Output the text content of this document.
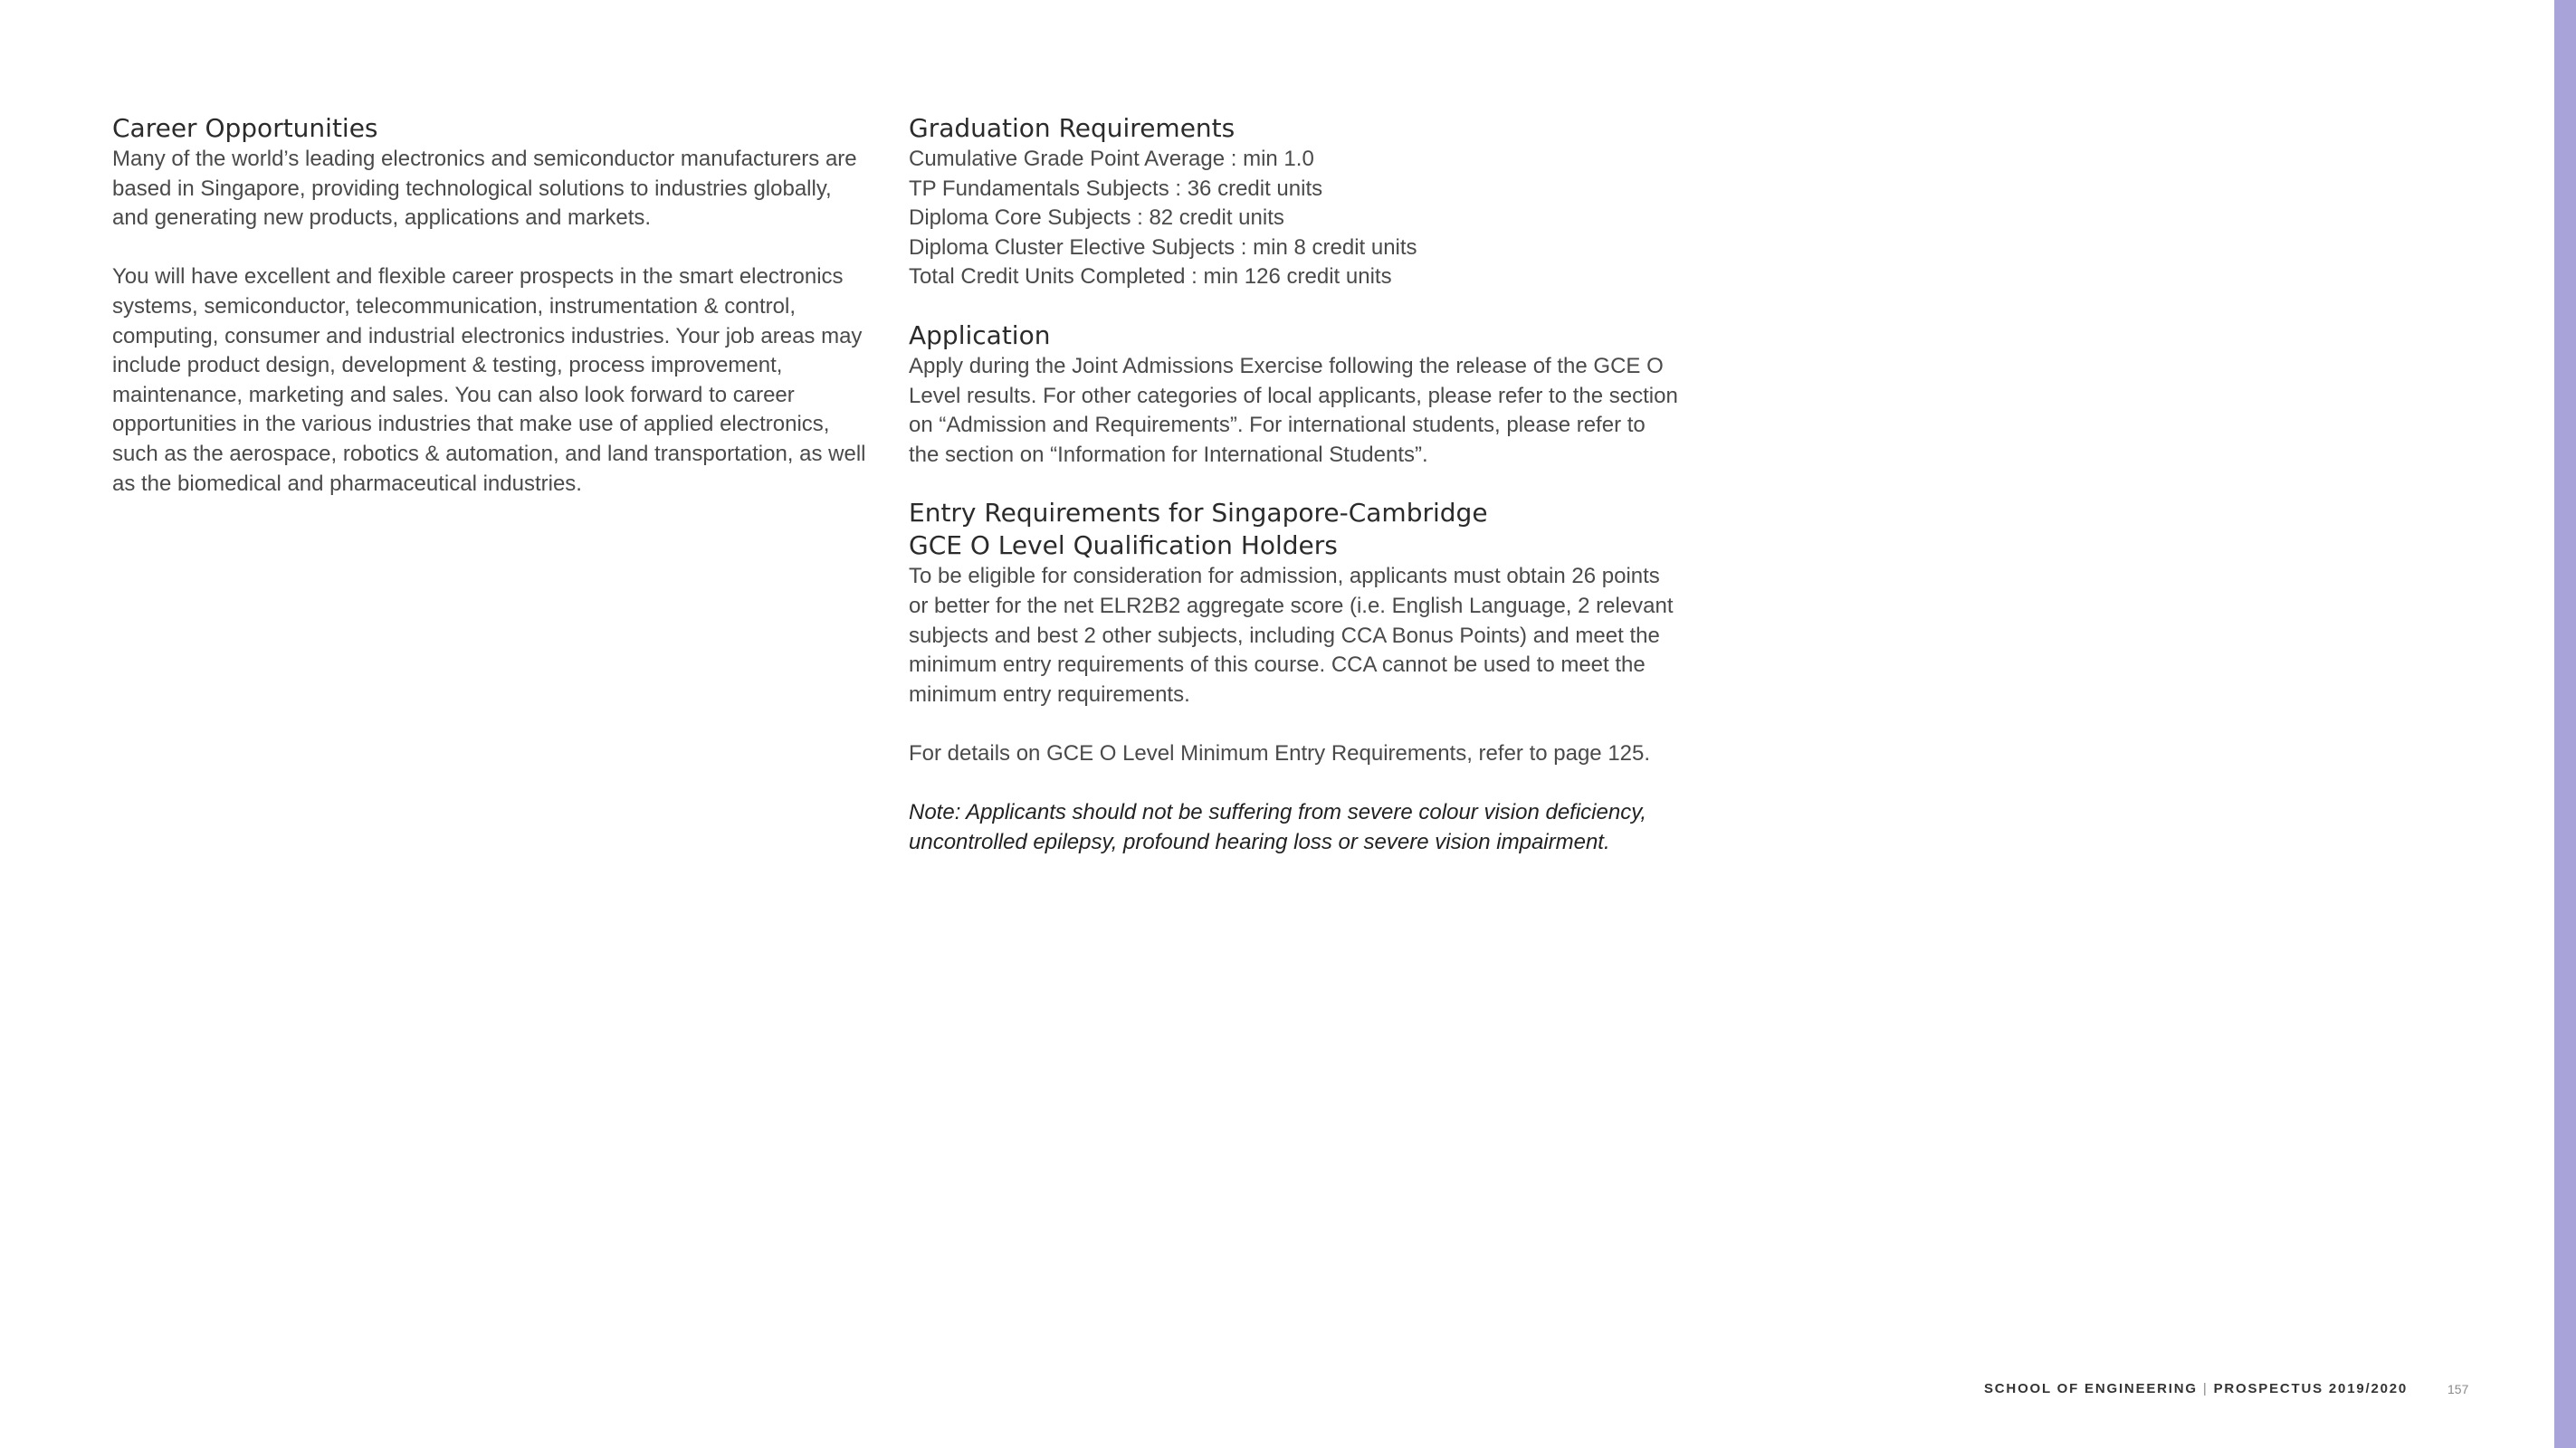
Career Opportunities

Many of the world’s leading electronics and semiconductor manufacturers are based in Singapore, providing technological solutions to industries globally, and generating new products, applications and markets.

You will have excellent and flexible career prospects in the smart electronics systems, semiconductor, telecommunication, instrumentation & control, computing, consumer and industrial electronics industries. Your job areas may include product design, development & testing, process improvement, maintenance, marketing and sales. You can also look forward to career opportunities in the various industries that make use of applied electronics, such as the aerospace, robotics & automation, and land transportation, as well as the biomedical and pharmaceutical industries.

Graduation Requirements

Cumulative Grade Point Average : min 1.0

TP Fundamentals Subjects : 36 credit units

Diploma Core Subjects : 82 credit units

Diploma Cluster Elective Subjects : min 8 credit units

Total Credit Units Completed : min 126 credit units

Application

Apply during the Joint Admissions Exercise following the release of the GCE O Level results. For other categories of local applicants, please refer to the section on “Admission and Requirements”. For international students, please refer to the section on “Information for International Students”.

Entry Requirements for Singapore-Cambridge
GCE O Level Qualification Holders

To be eligible for consideration for admission, applicants must obtain 26 points or better for the net ELR2B2 aggregate score (i.e. English Language, 2 relevant subjects and best 2 other subjects, including CCA Bonus Points) and meet the minimum entry requirements of this course. CCA cannot be used to meet the minimum entry requirements.

For details on GCE O Level Minimum Entry Requirements, refer to page 125.

Note: Applicants should not be suffering from severe colour vision deficiency, uncontrolled epilepsy, profound hearing loss or severe vision impairment.

SCHOOL OF ENGINEERING | PROSPECTUS 2019/2020	157
